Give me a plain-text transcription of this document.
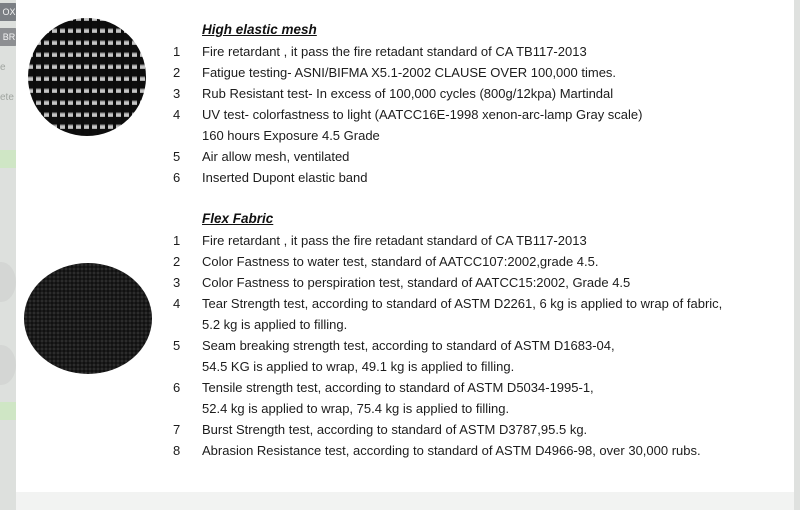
OX
BR
e
ete
High elastic mesh
1	Fire retardant , it pass the fire retadant standard of CA TB117-2013
2	Fatigue testing- ASNI/BIFMA X5.1-2002 CLAUSE OVER 100,000 times.
3	Rub Resistant test- In excess of 100,000 cycles (800g/12kpa) Martindal
4	UV test- colorfastness to light (AATCC16E-1998 xenon-arc-lamp Gray scale)
160 hours Exposure 4.5 Grade
5	Air allow mesh, ventilated
6	Inserted Dupont elastic band
Flex Fabric
1	Fire retardant , it pass the fire retadant standard of CA TB117-2013
2	Color Fastness to water test, standard of AATCC107:2002,grade 4.5.
3	Color Fastness to perspiration test, standard of AATCC15:2002, Grade 4.5
4	Tear Strength test, according to standard of ASTM D2261, 6 kg is applied to wrap of fabric,
5.2 kg is applied to filling.
5	Seam breaking strength test, according to standard of ASTM D1683-04,
54.5 KG is applied to wrap, 49.1 kg is applied to filling.
6	Tensile strength test, according to standard of ASTM D5034-1995-1,
52.4 kg is applied to wrap, 75.4 kg is applied to filling.
7	Burst Strength test, according to standard of ASTM D3787,95.5 kg.
8	Abrasion Resistance test, according to standard of ASTM D4966-98, over 30,000 rubs.
